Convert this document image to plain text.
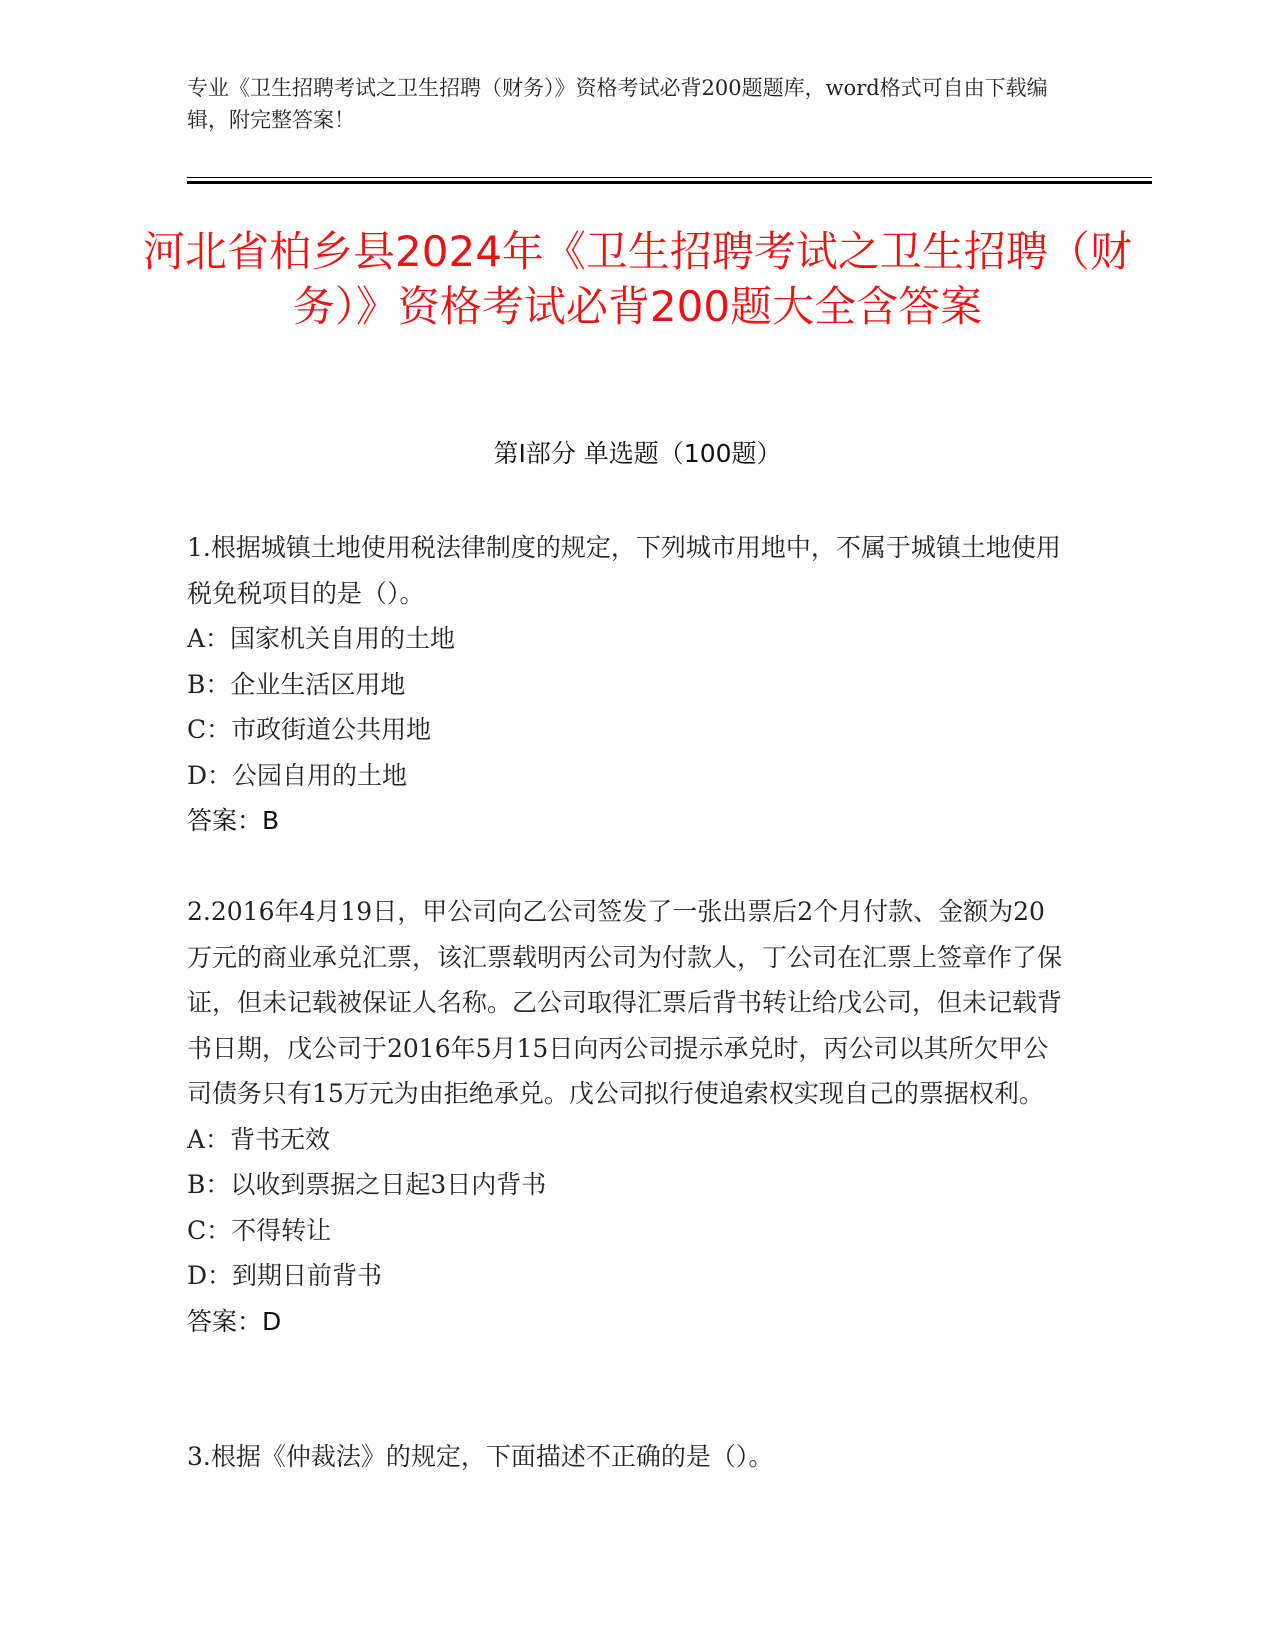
专业《卫生招聘考试之卫生招聘（财务）》资格考试必背200题题库，word格式可自由下载编辑，附完整答案！
河北省柏乡县2024年《卫生招聘考试之卫生招聘（财务）》资格考试必背200题大全含答案
第I部分 单选题（100题）

1.根据城镇土地使用税法律制度的规定，下列城市用地中，不属于城镇土地使用税免税项目的是（）。

A：国家机关自用的土地

B：企业生活区用地

C：市政街道公共用地

D：公园自用的土地

答案：B

2.2016年4月19日，甲公司向乙公司签发了一张出票后2个月付款、金额为20万元的商业承兑汇票，该汇票载明丙公司为付款人，丁公司在汇票上签章作了保证，但未记载被保证人名称。乙公司取得汇票后背书转让给戊公司，但未记载背书日期，戊公司于2016年5月15日向丙公司提示承兑时，丙公司以其所欠甲公司债务只有15万元为由拒绝承兑。戊公司拟行使追索权实现自己的票据权利。

A：背书无效

B：以收到票据之日起3日内背书

C：不得转让

D：到期日前背书

答案：D

3.根据《仲裁法》的规定，下面描述不正确的是（）。
